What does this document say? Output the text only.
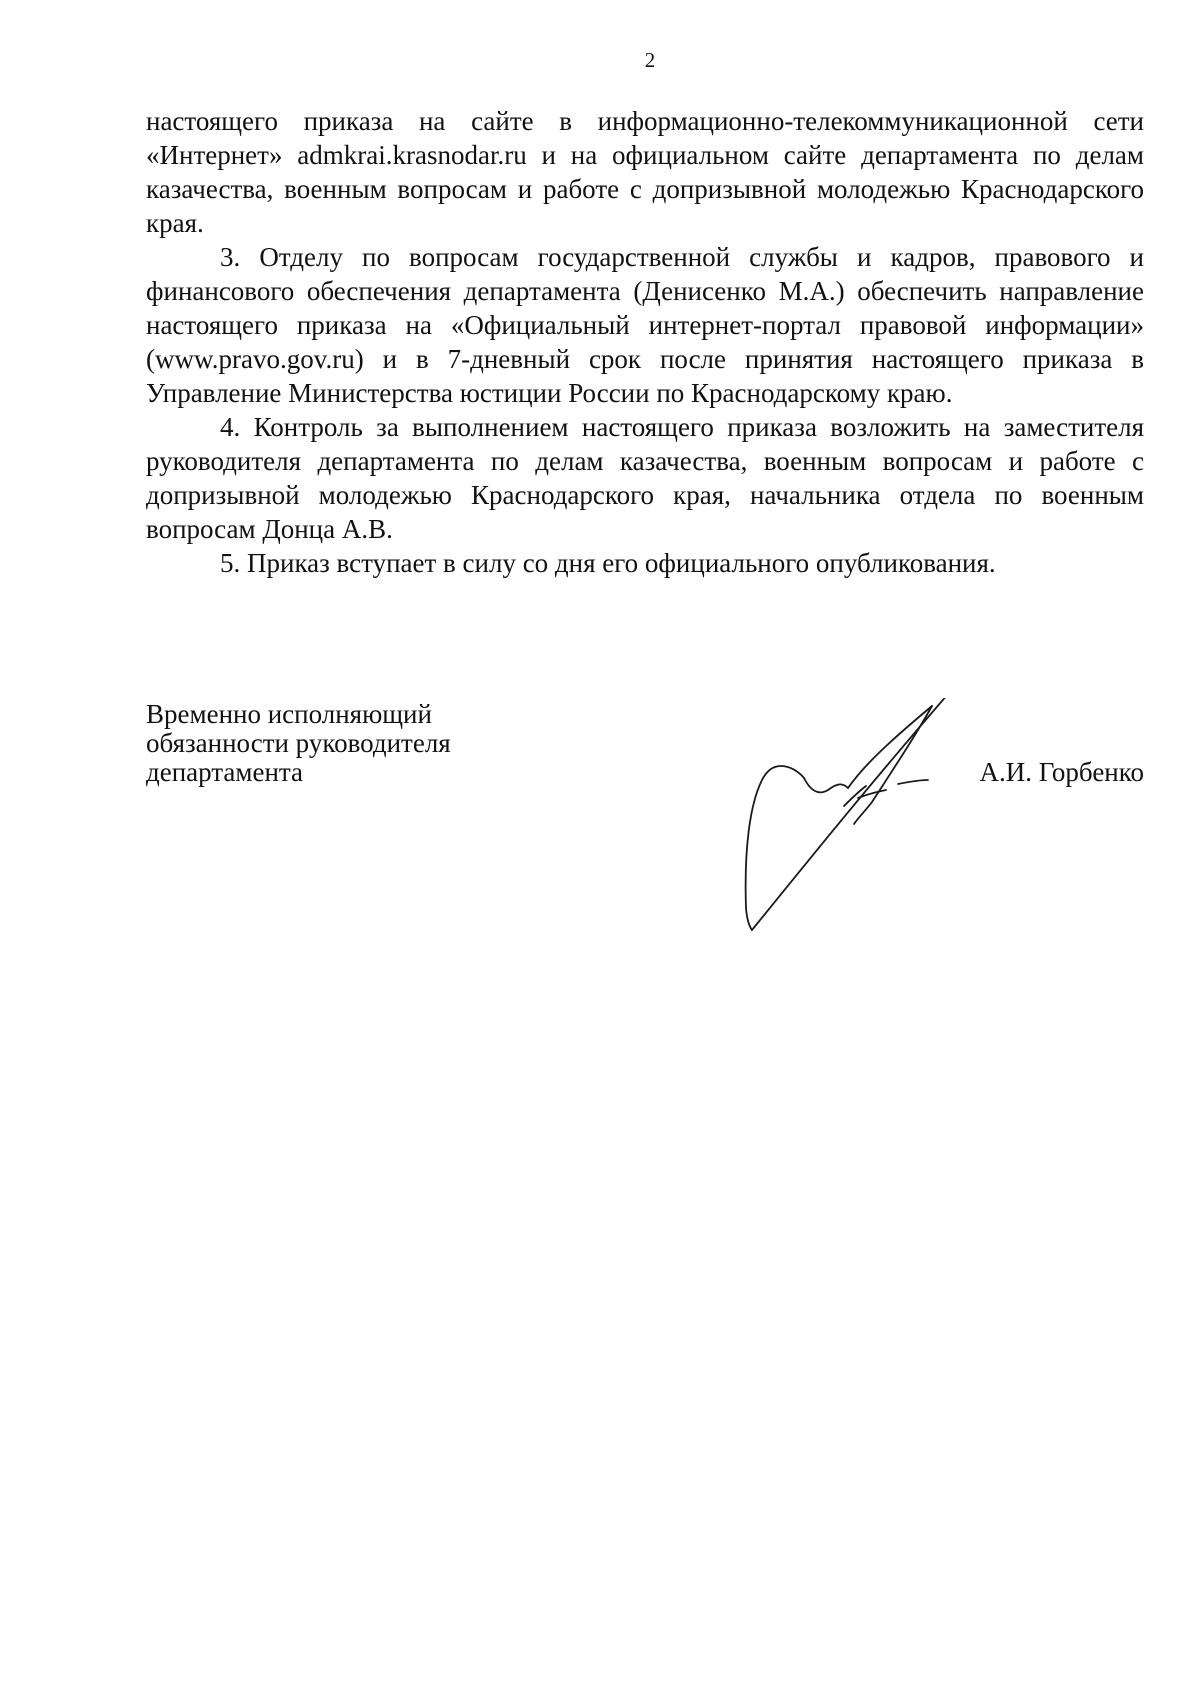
2

настоящего приказа на сайте в информационно-телекоммуникационной сети «Интернет» admkrai.krasnodar.ru и на официальном сайте департамента по делам казачества, военным вопросам и работе с допризывной молодежью Краснодарского края.

3. Отделу по вопросам государственной службы и кадров, правового и финансового обеспечения департамента (Денисенко М.А.) обеспечить направление настоящего приказа на «Официальный интернет-портал правовой информации» (www.pravo.gov.ru) и в 7-дневный срок после принятия настоящего приказа в Управление Министерства юстиции России по Краснодарскому краю.

4. Контроль за выполнением настоящего приказа возложить на заместителя руководителя департамента по делам казачества, военным вопросам и работе с допризывной молодежью Краснодарского края, начальника отдела по военным вопросам Донца А.В.

5. Приказ вступает в силу со дня его официального опубликования.

Временно исполняющий
обязанности руководителя
департамента	А.И. Горбенко
